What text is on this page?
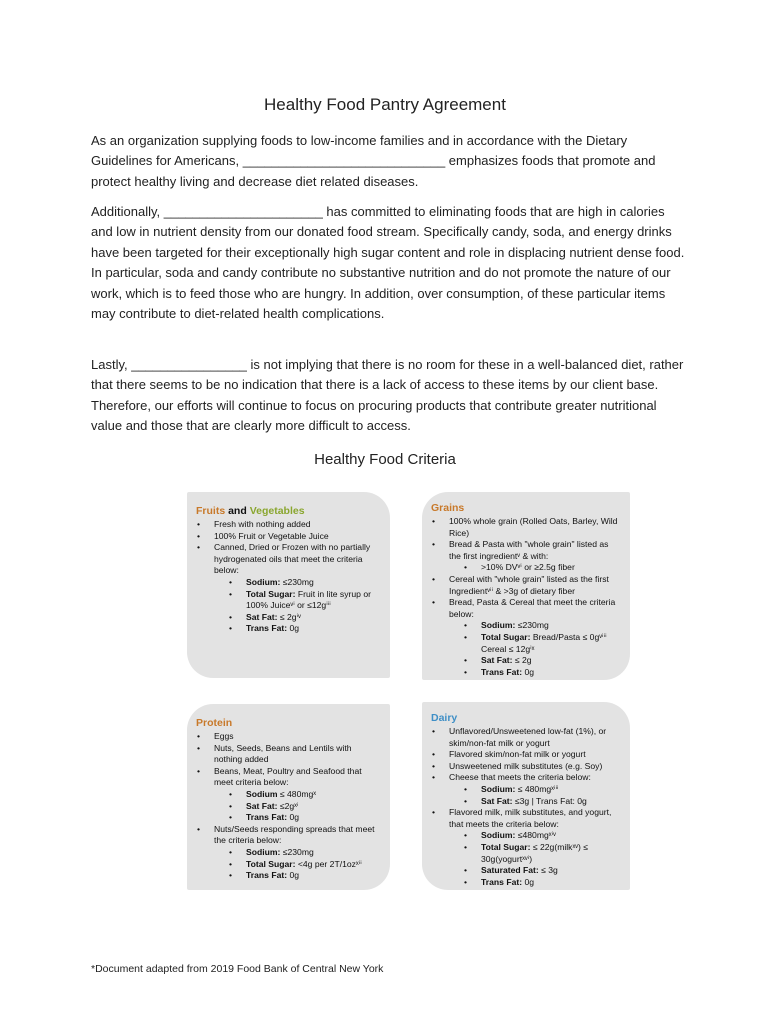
Healthy Food Pantry Agreement

As an organization supplying foods to low-income families and in accordance with the Dietary Guidelines for Americans, ____________________________ emphasizes foods that promote and protect healthy living and decrease diet related diseases.

Additionally, ______________________ has committed to eliminating foods that are high in calories and low in nutrient density from our donated food stream. Specifically candy, soda, and energy drinks have been targeted for their exceptionally high sugar content and role in displacing nutrient dense food. In particular, soda and candy contribute no substantive nutrition and do not promote the nature of our work, which is to feed those who are hungry. In addition, over consumption, of these particular items may contribute to diet-related health complications.

Lastly, ________________ is not implying that there is no room for these in a well-balanced diet, rather that there seems to be no indication that there is a lack of access to these items by our client base. Therefore, our efforts will continue to focus on procuring products that contribute greater nutritional value and those that are clearly more difficult to access.

Healthy Food Criteria
Fruits and Vegetables
• Fresh with nothing added
• 100% Fruit or Vegetable Juice
• Canned, Dried or Frozen with no partially hydrogenated oils that meet the criteria below:
• Sodium: ≤230mg
• Total Sugar: Fruit in lite syrup or 100% Juiceᵛⁱ or ≤12gⁱⁱⁱ
• Sat Fat: ≤ 2gⁱᵛ
• Trans Fat: 0g
Grains
• 100% whole grain (Rolled Oats, Barley, Wild Rice)
• Bread & Pasta with "whole grain" listed as the first ingredientᵛ & with:
• >10% DVᵛⁱ or ≥2.5g fiber
• Cereal with "whole grain" listed as the first Ingredientᵛⁱⁱ & >3g of dietary fiber
• Bread, Pasta & Cereal that meet the criteria below:
• Sodium: ≤230mg
• Total Sugar: Bread/Pasta ≤ 0gᵛⁱⁱⁱ Cereal ≤ 12gⁱˣ
• Sat Fat: ≤ 2g
• Trans Fat: 0g
Protein
• Eggs
• Nuts, Seeds, Beans and Lentils with nothing added
• Beans, Meat, Poultry and Seafood that meet criteria below:
• Sodium ≤ 480mgˣ
• Sat Fat: ≤2gˣⁱ
• Trans Fat: 0g
• Nuts/Seeds responding spreads that meet the criteria below:
• Sodium: ≤230mg
• Total Sugar: <4g per 2T/1ozˣⁱⁱ
• Trans Fat: 0g
Dairy
• Unflavored/Unsweetened low-fat (1%), or skim/non-fat milk or yogurt
• Flavored skim/non-fat milk or yogurt
• Unsweetened milk substitutes (e.g. Soy)
• Cheese that meets the criteria below:
• Sodium: ≤ 480mgˣⁱⁱⁱ
• Sat Fat: ≤3g | Trans Fat: 0g
• Flavored milk, milk substitutes, and yogurt, that meets the criteria below:
• Sodium: ≤480mgˣⁱᵛ
• Total Sugar: ≤ 22g(milkˣᵛ) ≤ 30g(yogurtˣᵛⁱ)
• Saturated Fat: ≤ 3g
• Trans Fat: 0g
*Document adapted from 2019 Food Bank of Central New York
